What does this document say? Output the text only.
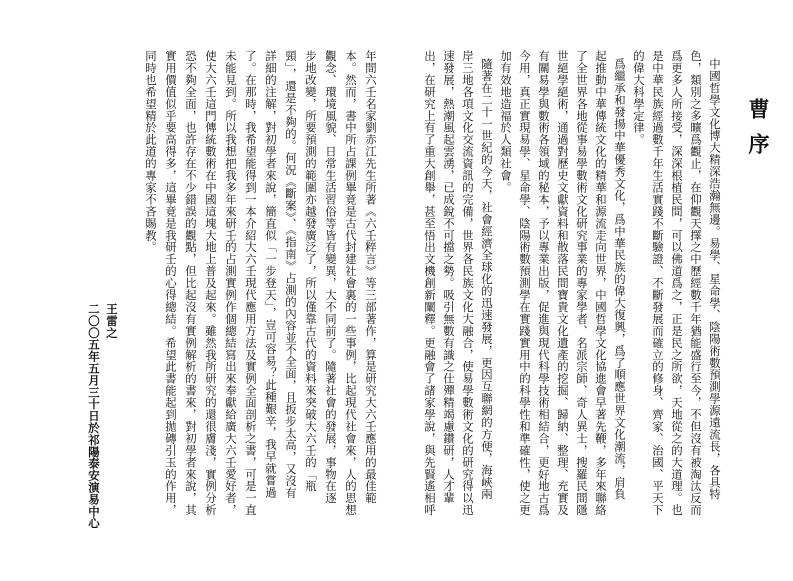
年間六壬名家劉赤江先生所著《六壬粹言》等三部著作，算是研究大六壬應用的最佳範
本。然而，書中所占課例畢竟是古代封建社會裏的一些事例，比起現代社會來，人的思想
觀念、環境風貌、日常生活習俗等皆有變異，大不同前了。隨著社會的發展，事物在逐
步地改變，所要預測的範圍亦越發廣泛了，所以僅靠古代的資料來突破大六壬的「瓶
頸」，還是不夠的。何況《斷案》、《指南》占測的內容並不全面，且扳步太高，又沒有
詳細的注解，對初學者來說，簡直似「一步登天」，豈可容易？此種艱辛，我早就嘗過
了。在那時，我希望能得到一本介紹大六壬現代應用方法及實例全面剖析之書，可是一直
未能見到。所以我想把我多年來研壬的占測實例作個總結寫出來奉獻給廣大六壬愛好者，
使大六壬這門傳統數術在中國這塊大地上普及起來。雖然我所研究的還很膚淺，實例分析
恐不夠全面，也許存在不少錯誤的觀點，但比起沒有實例解析的書來，對初學者來說，其
實用價值似乎要高得多，這畢竟是我研壬的心得總結。希望此書能起到拋磚引玉的作用，
同時也希望精於此道的專家不吝賜教。
王雷之
二〇〇五年五月三十日於祁陽泰安演易中心
曹序
中國哲學文化博大精深浩瀚無邊。易學、星命學、陰陽術數預測學源遠流長，各具特
色，類別之多曠爲觀止，在仰觀天擇之中歷經數千年猶能盛行至今，不但沒有被淘汰反而
爲更多人所接受，深深根植民間，可以佛道爲之，正是民之所欲，天地從之的大道理。也
是中華民族經過數千年生活實踐不斷驗證、不斷發展而確立的修身、齊家、治國、平天下
的偉大科學定律。
爲繼承和發揚中華優秀文化，爲中華民族的偉大復興，爲了順應世界文化潮流，肩負
起推動中華傳統文化的精華和源流走向世界，中國哲學文化協進會早著先鞭，多年來聯絡
了全世界各地從事易學數術文化研究事業的專家學者、名派宗師、奇人異士，搜羅民間隱
世絕學絕術，通過對歷史文獻資料和散落民間寶貴文化遺產的挖掘、歸納、整理、充實及
有關易學與數術各領域的秘本，予以專業出版，促進與現代科學技術相結合，更好地古爲
今用，真正實現易學、星命學、陰陽術數預測學在實踐實用中的科學性和準確性，使之更
加有效地造福於人類社會。
隨著在二十一世紀的今天，社會經濟全球化的迅速發展，更因互聯網的方便，海峽兩
岸三地各項文化交流資訊的完備，世界各民族文化大融合，使易學數術文化的研究得以迅
速發展，熱潮風起雲湧，已成銳不可擋之勢。吸引無數有識之仕殫精竭慮鑽研，人才輩
出，在研究上有了重大創舉，甚至悟出文機創新闡釋。更融會了諸家學說，與先賢遙相呼
